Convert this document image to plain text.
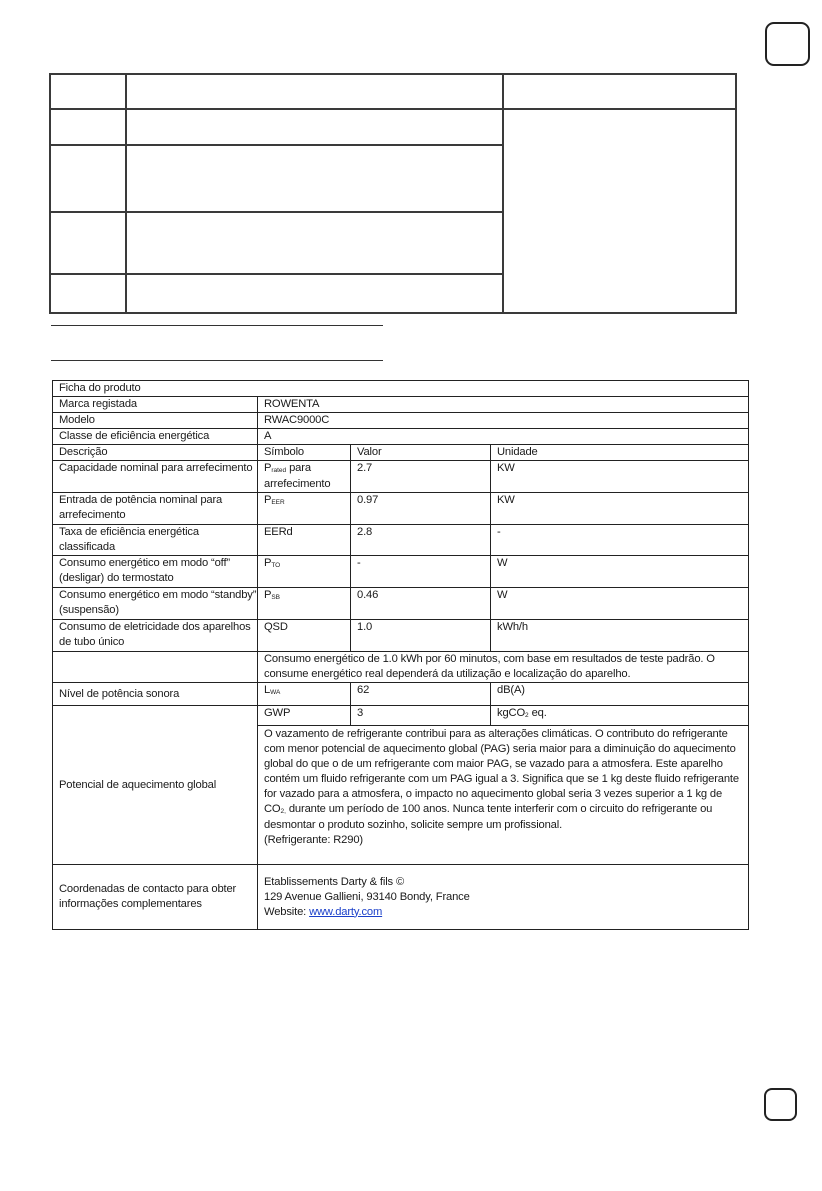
Ficha do produto			
Marca registada	ROWENTA		
Modelo	RWAC9000C		
Classe de eficiência energética	A		
Descrição	Símbolo	Valor	Unidade
Capacidade nominal para arrefecimento	$P_{rated}$ para arrefecimento	2.7	KW
Entrada de potência nominal para arrefecimento	$P_{EER}$	0.97	KW
Taxa de eficiência energética classificada	EERd	2.8	-
Consumo energético em modo “off” (desligar) do termostato	$P_{TO}$	-	W
Consumo energético em modo “standby” (suspensão)	$P_{SB}$	0.46	W
Consumo de eletricidade dos aparelhos de tubo único	QSD	1.0	kWh/h
	Consumo energético de 1.0 kWh por 60 minutos, com base em resultados de teste padrão. O consume energético real dependerá da utilização e localização do aparelho.		
Nível de potência sonora	$L_{WA}$	62	dB(A)
Potencial de aquecimento global	GWP	3	kgCO$_2$ eq.
	O vazamento de refrigerante contribui para as alterações climáticas. O contributo do refrigerante com menor potencial de aquecimento global (PAG) seria maior para a diminuição do aquecimento global do que o de um refrigerante com maior PAG, se vazado para a atmosfera. Este aparelho contém um fluido refrigerante com um PAG igual a 3. Significa que se 1 kg deste fluido refrigerante for vazado para a atmosfera, o impacto no aquecimento global seria 3 vezes superior a 1 kg de $CO_{2,}$ durante um período de 100 anos. Nunca tente interferir com o circuito do refrigerante ou desmontar o produto sozinho, solicite sempre um profissional.
(Refrigerante: R290)		
Coordenadas de contacto para obter informações complementares	Etablissements Darty & fils ©
129 Avenue Gallieni, 93140 Bondy, France
Website: www.darty.com		
